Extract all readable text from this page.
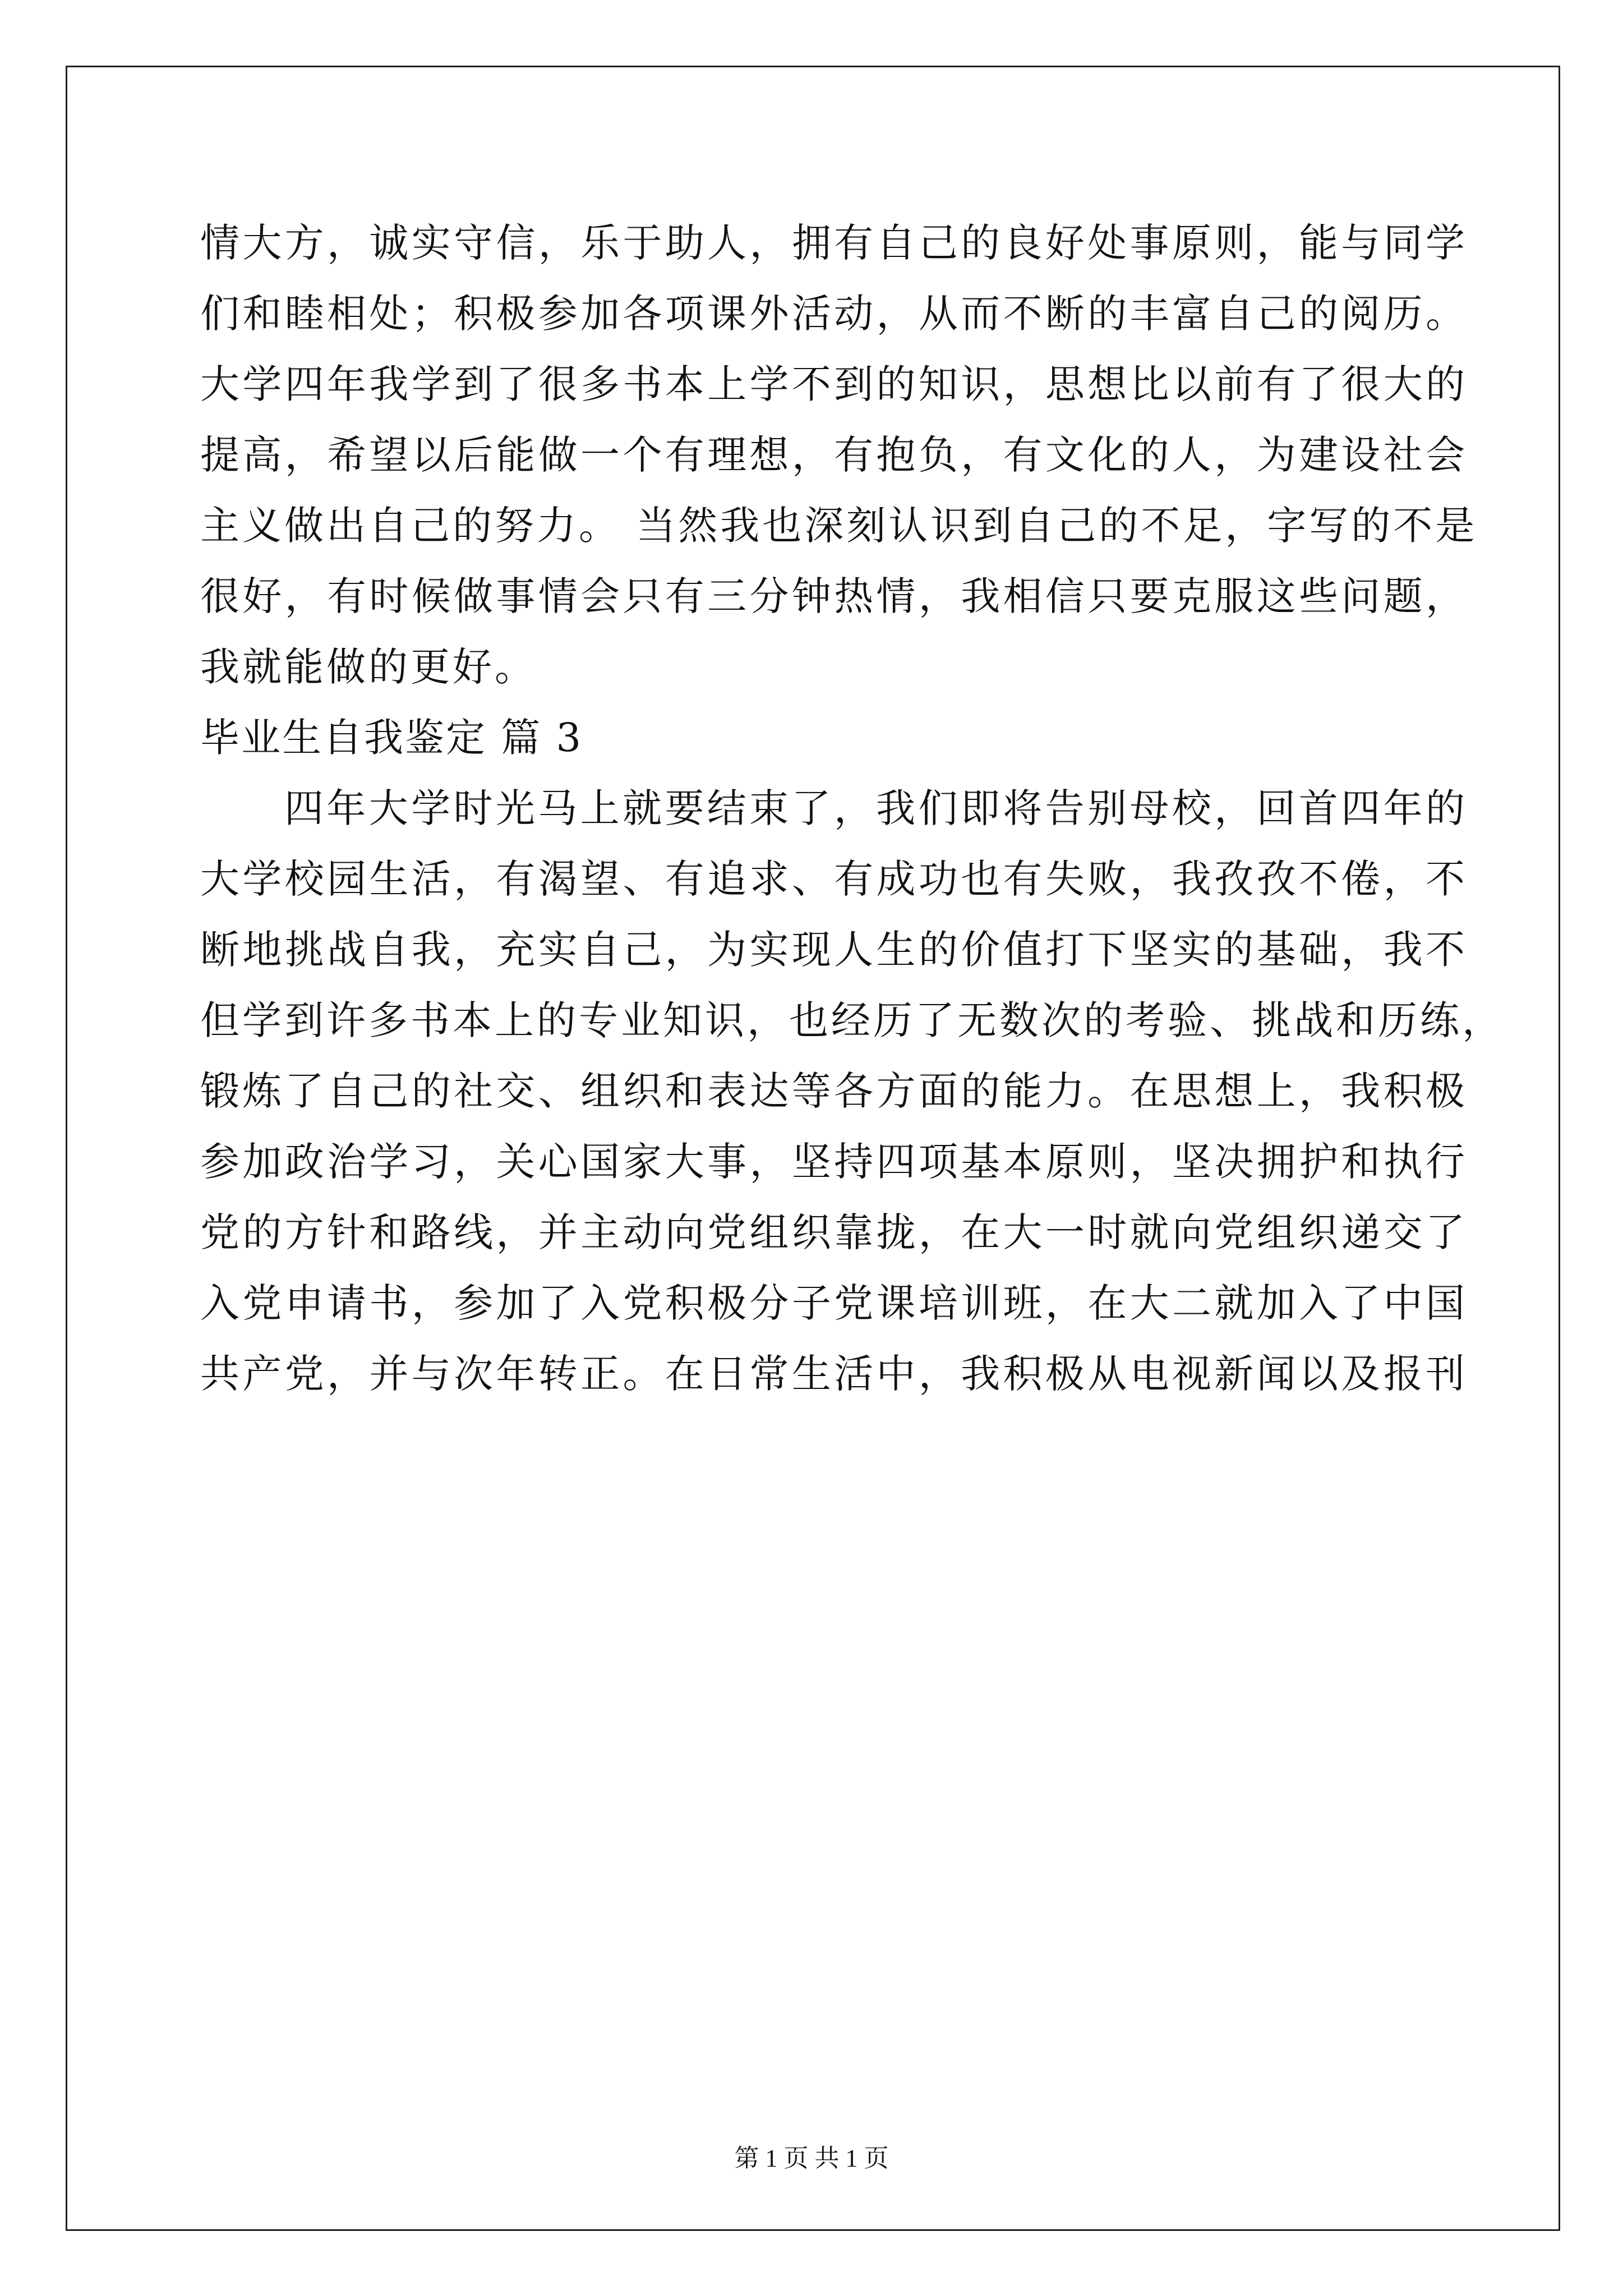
情大方，诚实守信，乐于助人，拥有自己的良好处事原则，能与同学
们和睦相处；积极参加各项课外活动，从而不断的丰富自己的阅历。
大学四年我学到了很多书本上学不到的知识，思想比以前有了很大的
提高，希望以后能做一个有理想，有抱负，有文化的人，为建设社会
主义做出自己的努力。 当然我也深刻认识到自己的不足，字写的不是
很好，有时候做事情会只有三分钟热情，我相信只要克服这些问题，
我就能做的更好。
毕业生自我鉴定 篇 3
四年大学时光马上就要结束了，我们即将告别母校，回首四年的
大学校园生活，有渴望、有追求、有成功也有失败，我孜孜不倦，不
断地挑战自我，充实自己，为实现人生的价值打下坚实的基础，我不
但学到许多书本上的专业知识，也经历了无数次的考验、挑战和历练，
锻炼了自己的社交、组织和表达等各方面的能力。在思想上，我积极
参加政治学习，关心国家大事，坚持四项基本原则，坚决拥护和执行
党的方针和路线，并主动向党组织靠拢，在大一时就向党组织递交了
入党申请书，参加了入党积极分子党课培训班，在大二就加入了中国
共产党，并与次年转正。在日常生活中，我积极从电视新闻以及报刊
第 1 页 共 1 页
